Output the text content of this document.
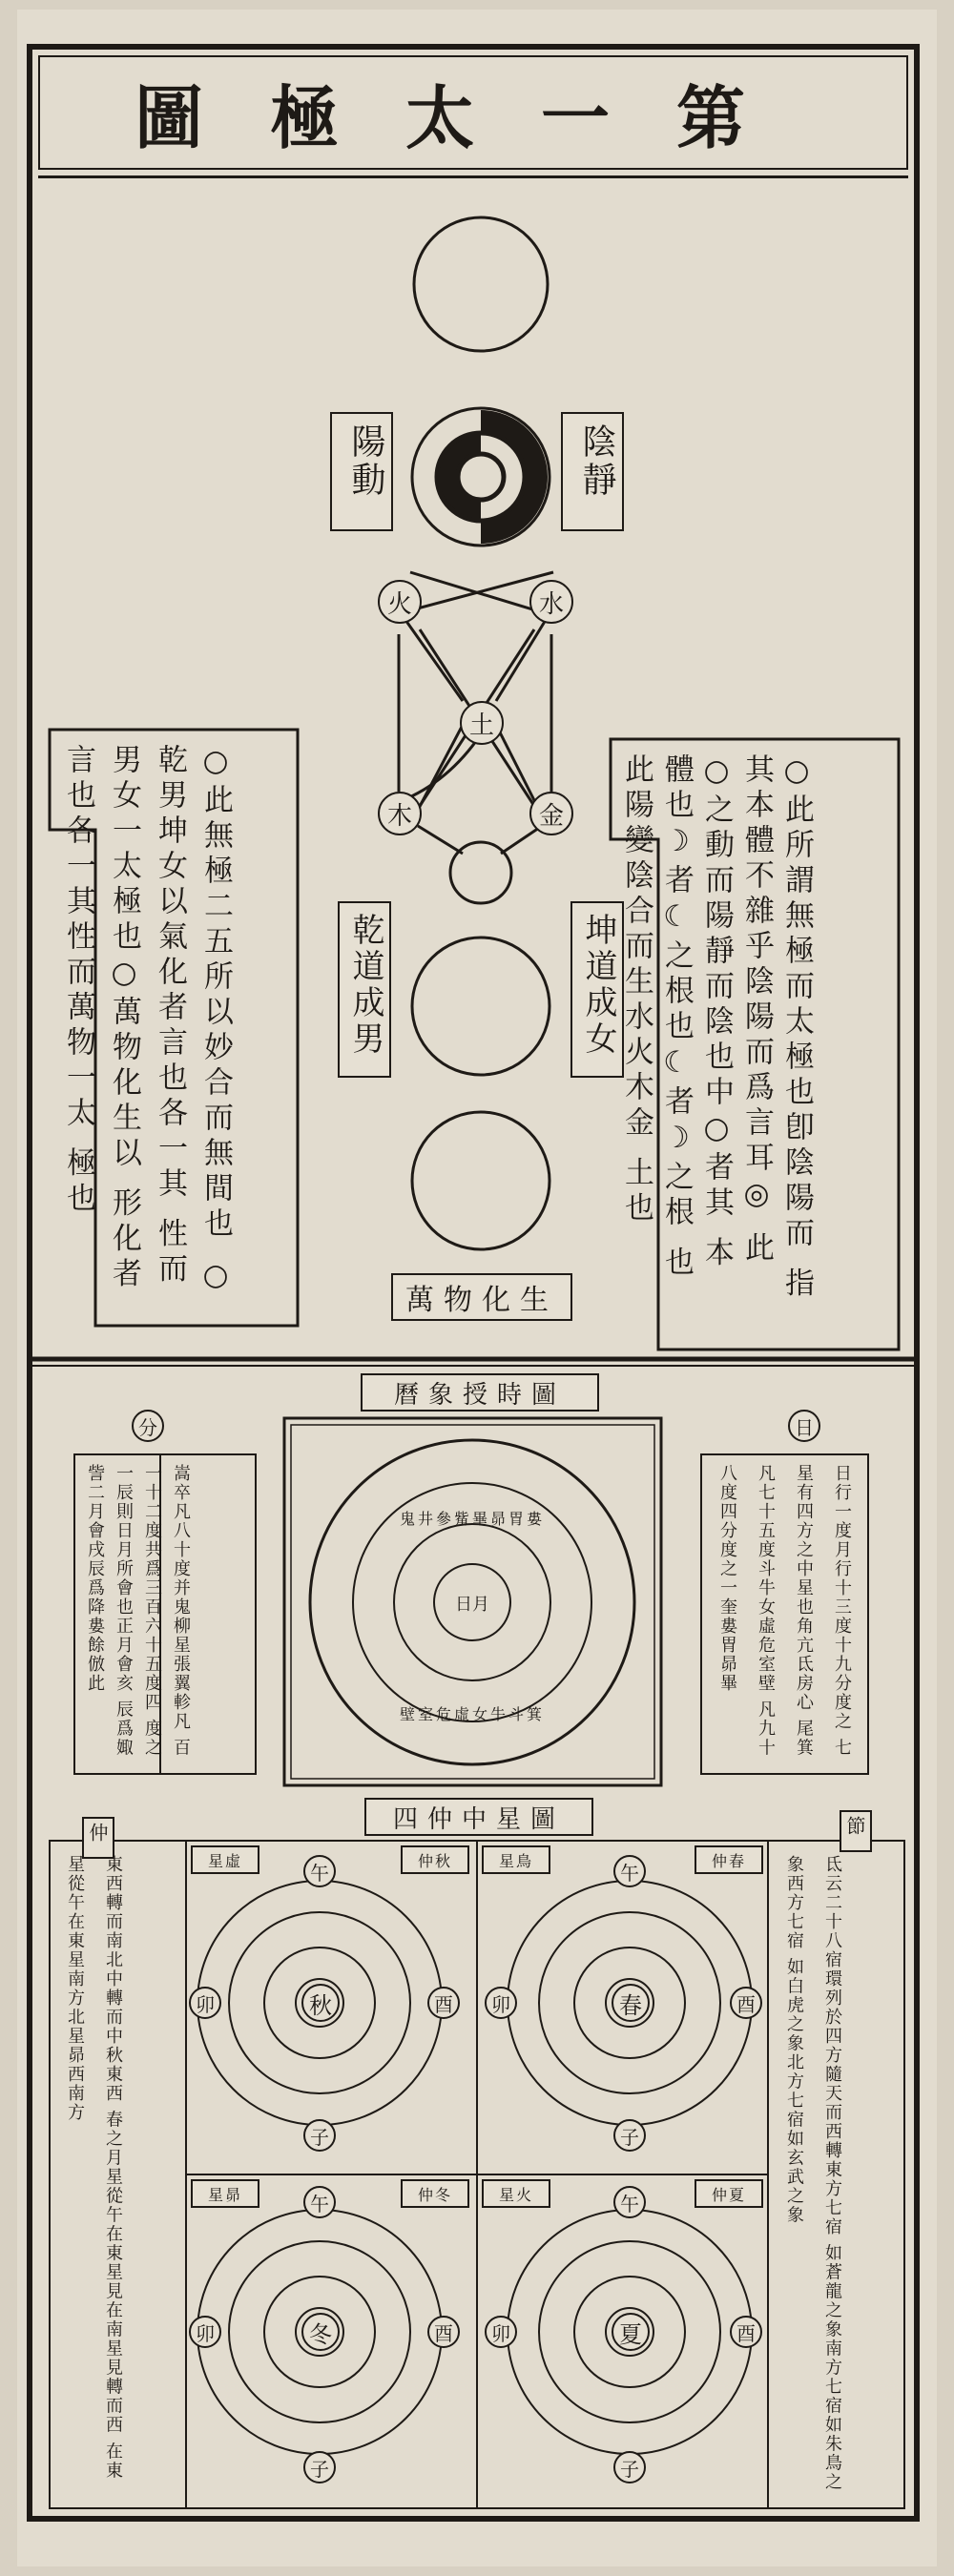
第一太極圖
陰靜
陽動
火	水
土
木	金
乾道成男	坤道成女
萬物化生
○此所謂無極而太極也卽陰陽而 指其本體不雜乎陰陽而爲言耳◎ 此○之動而陽靜而陰也中○者其 本體也☽者☾之根也☾者☽之根 也 此陽變陰合而生水火木金 土也
○此無極二五所以妙合而無間也 ○乾男坤女以氣化者言也各一其 性而男女一太極也○萬物化生以 形化者言也各一其性而萬物一太 極也
曆象授時圖
分	日
嵩卒凡八十度并鬼柳星張翼軫凡 百一十二度共爲三百六十五度四 度之一辰則日月所會也正月會亥 辰爲娵訾二月會戌辰爲降婁餘倣此	日行一度月行十三度十九分度之 七星有四方之中星也角亢氐房心 尾箕凡七十五度斗牛女虛危室壁 凡九十八度四分度之一奎婁胃昴畢
鬼井參觜畢昴胃婁
壁室危虛女牛斗箕
日月
四仲中星圖
仲	節
秋	春
冬	夏
子	子
子	子
午	午
午	午
卯	酉	卯	酉
卯	酉	卯	酉
仲秋	仲春
仲冬	仲夏
星虛	星鳥
星昴	星火
東西轉而南北中轉而中秋東西 春之月星從午在東星見在南星見轉而西 在東星從午在東星南方北星昴西南方	氐云二十八宿環列於四方隨天而西轉東方七宿 如蒼龍之象南方七宿如朱鳥之象西方七宿 如白虎之象北方七宿如玄武之象
